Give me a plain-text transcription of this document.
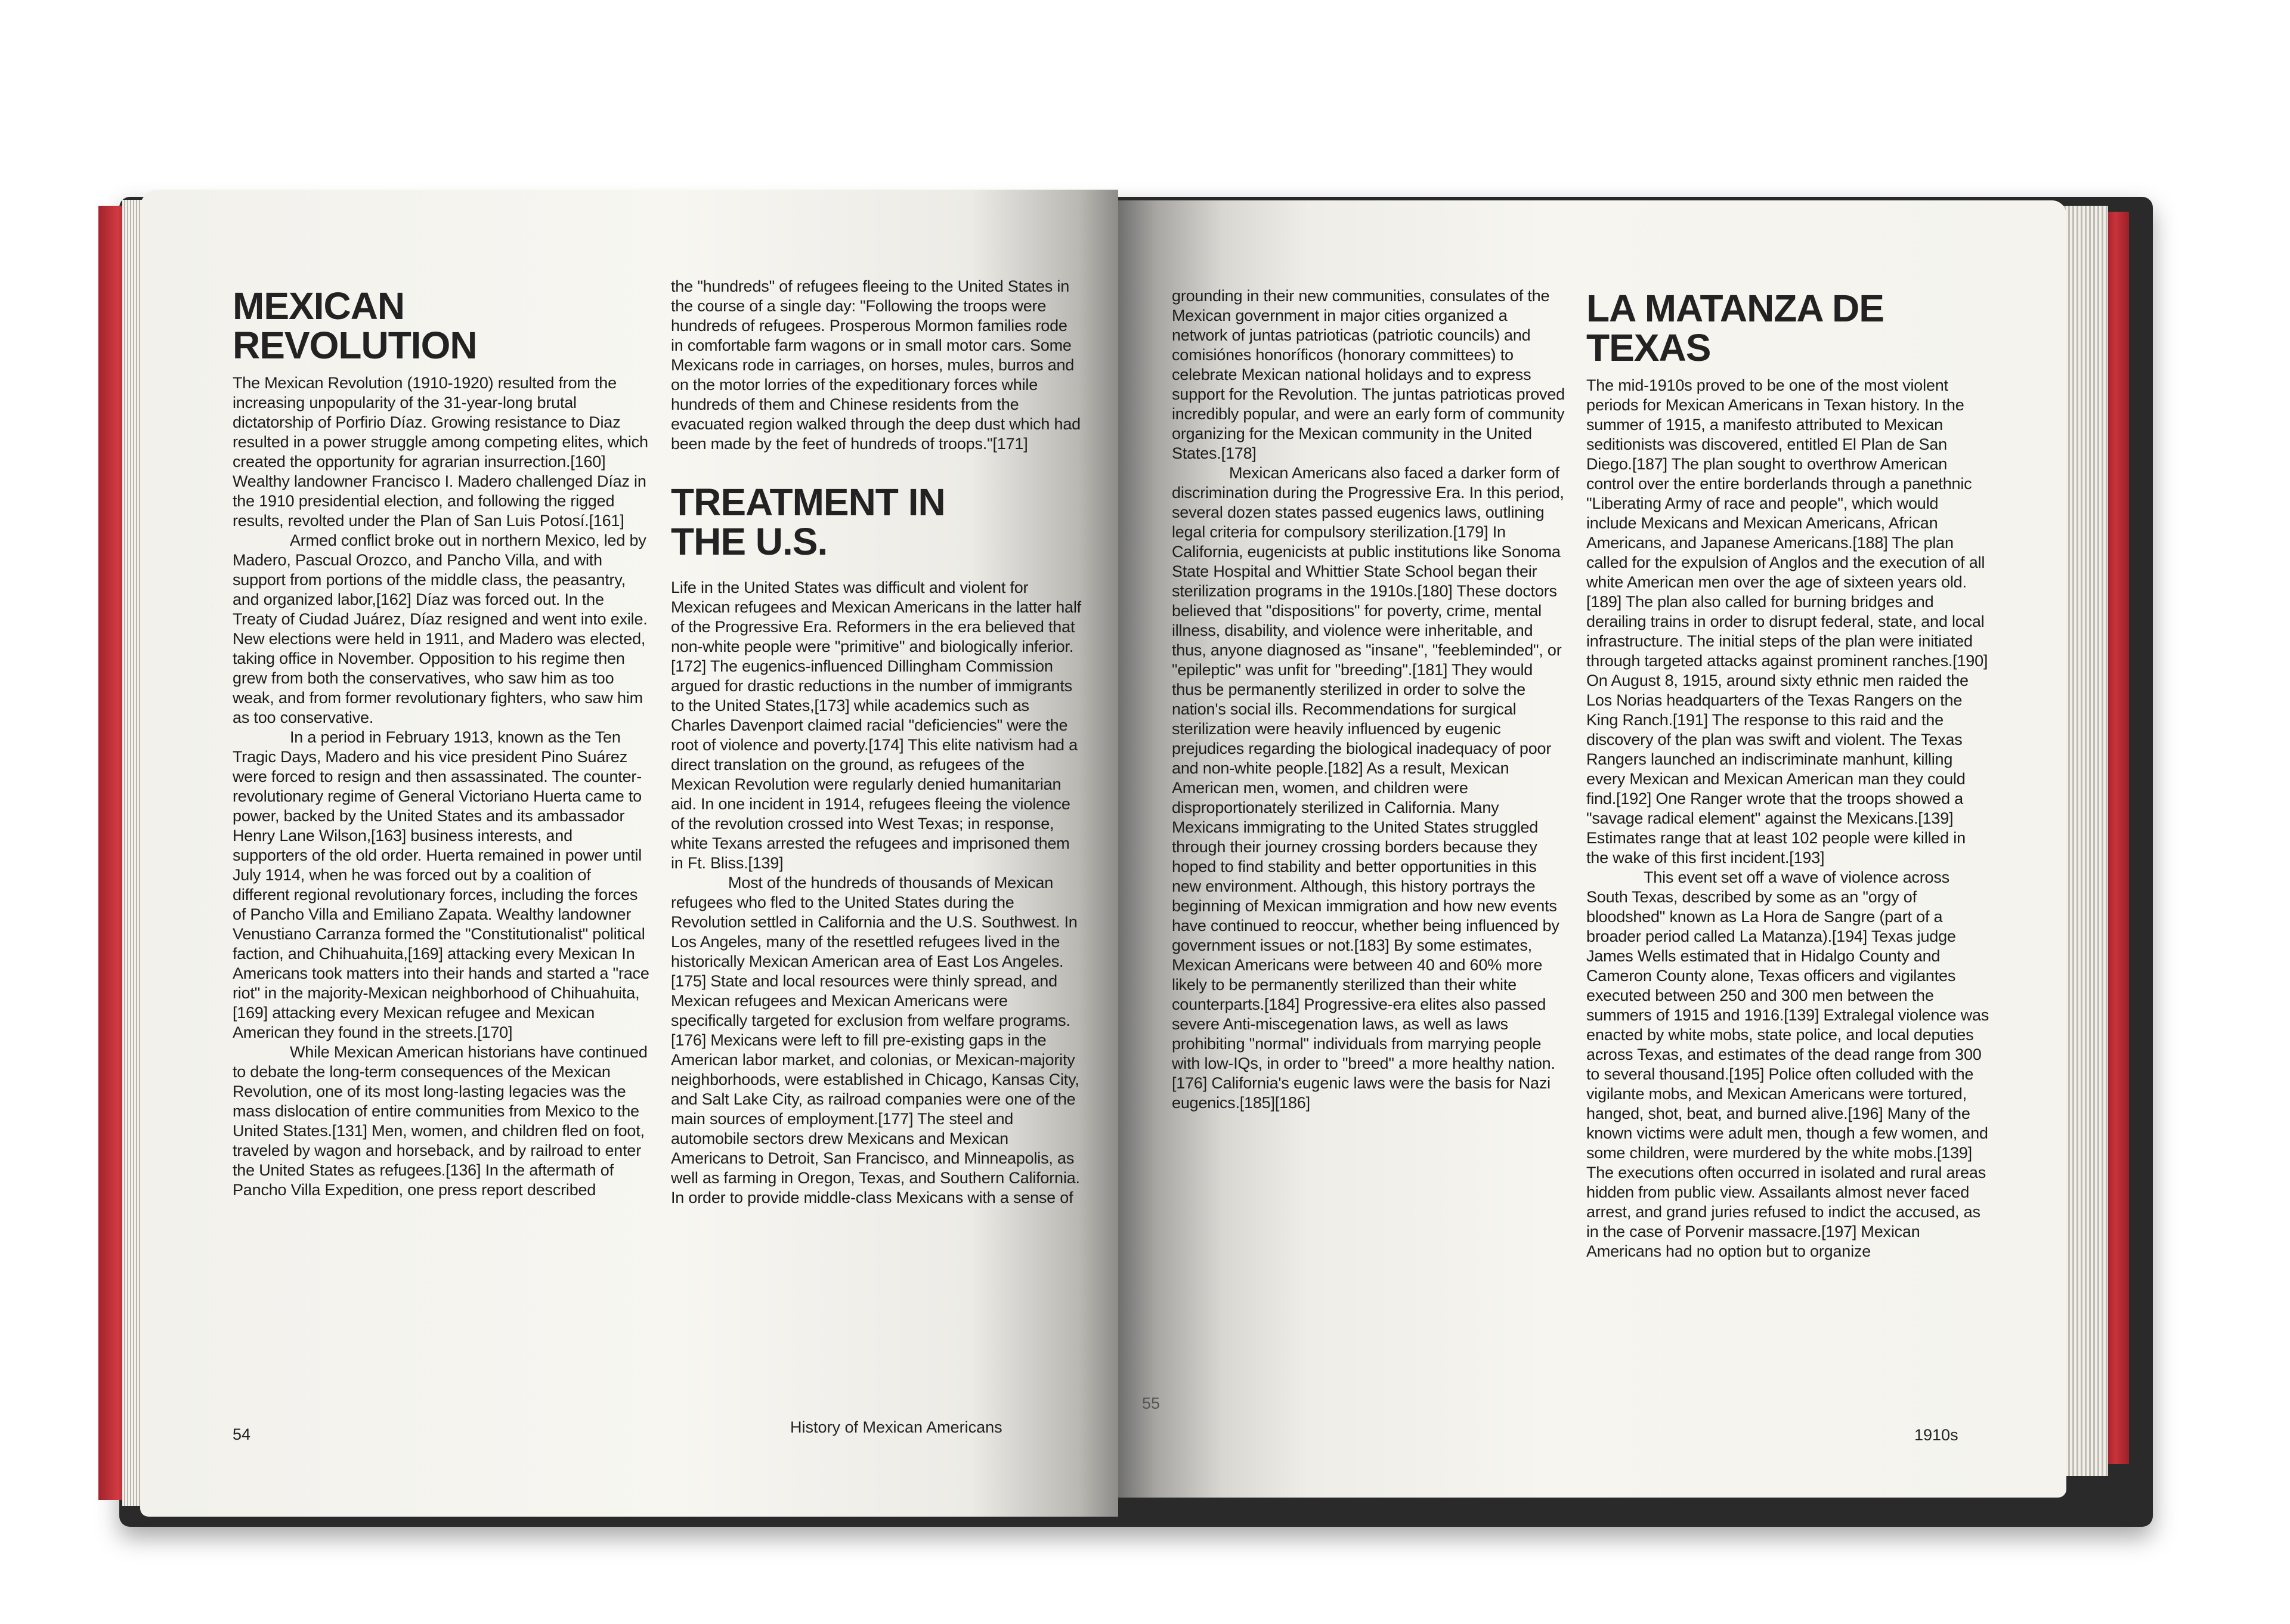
MEXICAN REVOLUTION

The Mexican Revolution (1910-1920) resulted from the increasing unpopularity of the 31-year-long brutal dictatorship of Porfirio Díaz. Growing resistance to Diaz resulted in a power struggle among competing elites, which created the opportunity for agrarian insurrection.[160] Wealthy landowner Francisco I. Madero challenged Díaz in the 1910 presidential election, and following the rigged results, revolted under the Plan of San Luis Potosí.[161]

Armed conflict broke out in northern Mexico, led by Madero, Pascual Orozco, and Pancho Villa, and with support from portions of the middle class, the peasantry, and organized labor,[162] Díaz was forced out. In the Treaty of Ciudad Juárez, Díaz resigned and went into exile. New elections were held in 1911, and Madero was elected, taking office in November. Opposition to his regime then grew from both the conservatives, who saw him as too weak, and from former revolutionary fighters, who saw him as too conservative.

In a period in February 1913, known as the Ten Tragic Days, Madero and his vice president Pino Suárez were forced to resign and then assassinated. The counter-revolutionary regime of General Victoriano Huerta came to power, backed by the United States and its ambassador Henry Lane Wilson,[163] business interests, and supporters of the old order. Huerta remained in power until July 1914, when he was forced out by a coalition of different regional revolutionary forces, including the forces of Pancho Villa and Emiliano Zapata. Wealthy landowner Venustiano Carranza formed the "Constitutionalist" political faction, and Chihuahuita,[169] attacking every Mexican In Americans took matters into their hands and started a "race riot" in the majority-Mexican neighborhood of Chihuahuita,[169] attacking every Mexican refugee and Mexican American they found in the streets.[170]

While Mexican American historians have continued to debate the long-term consequences of the Mexican Revolution, one of its most long-lasting legacies was the mass dislocation of entire communities from Mexico to the United States.[131] Men, women, and children fled on foot, traveled by wagon and horseback, and by railroad to enter the United States as refugees.[136] In the aftermath of Pancho Villa Expedition, one press report described

the "hundreds" of refugees fleeing to the United States in the course of a single day: "Following the troops were hundreds of refugees. Prosperous Mormon families rode in comfortable farm wagons or in small motor cars. Some Mexicans rode in carriages, on horses, mules, burros and on the motor lorries of the expeditionary forces while hundreds of them and Chinese residents from the evacuated region walked through the deep dust which had been made by the feet of hundreds of troops."[171]

TREATMENT IN THE U.S.

Life in the United States was difficult and violent for Mexican refugees and Mexican Americans in the latter half of the Progressive Era. Reformers in the era believed that non-white people were "primitive" and biologically inferior.[172] The eugenics-influenced Dillingham Commission argued for drastic reductions in the number of immigrants to the United States,[173] while academics such as Charles Davenport claimed racial "deficiencies" were the root of violence and poverty.[174] This elite nativism had a direct translation on the ground, as refugees of the Mexican Revolution were regularly denied humanitarian aid. In one incident in 1914, refugees fleeing the violence of the revolution crossed into West Texas; in response, white Texans arrested the refugees and imprisoned them in Ft. Bliss.[139]

Most of the hundreds of thousands of Mexican refugees who fled to the United States during the Revolution settled in California and the U.S. Southwest. In Los Angeles, many of the resettled refugees lived in the historically Mexican American area of East Los Angeles.[175] State and local resources were thinly spread, and Mexican refugees and Mexican Americans were specifically targeted for exclusion from welfare programs.[176] Mexicans were left to fill pre-existing gaps in the American labor market, and colonias, or Mexican-majority neighborhoods, were established in Chicago, Kansas City, and Salt Lake City, as railroad companies were one of the main sources of employment.[177] The steel and automobile sectors drew Mexicans and Mexican Americans to Detroit, San Francisco, and Minneapolis, as well as farming in Oregon, Texas, and Southern California. In order to provide middle-class Mexicans with a sense of

54	History of Mexican Americans

grounding in their new communities, consulates of the Mexican government in major cities organized a network of juntas patrioticas (patriotic councils) and comisiónes honoríficos (honorary committees) to celebrate Mexican national holidays and to express support for the Revolution. The juntas patrioticas proved incredibly popular, and were an early form of community organizing for the Mexican community in the United States.[178]

Mexican Americans also faced a darker form of discrimination during the Progressive Era. In this period, several dozen states passed eugenics laws, outlining legal criteria for compulsory sterilization.[179] In California, eugenicists at public institutions like Sonoma State Hospital and Whittier State School began their sterilization programs in the 1910s.[180] These doctors believed that "dispositions" for poverty, crime, mental illness, disability, and violence were inheritable, and thus, anyone diagnosed as "insane", "feebleminded", or "epileptic" was unfit for "breeding".[181] They would thus be permanently sterilized in order to solve the nation's social ills. Recommendations for surgical sterilization were heavily influenced by eugenic prejudices regarding the biological inadequacy of poor and non-white people.[182] As a result, Mexican American men, women, and children were disproportionately sterilized in California. Many Mexicans immigrating to the United States struggled through their journey crossing borders because they hoped to find stability and better opportunities in this new environment. Although, this history portrays the beginning of Mexican immigration and how new events have continued to reoccur, whether being influenced by government issues or not.[183] By some estimates, Mexican Americans were between 40 and 60% more likely to be permanently sterilized than their white counterparts.[184] Progressive-era elites also passed severe Anti-miscegenation laws, as well as laws prohibiting "normal" individuals from marrying people with low-IQs, in order to "breed" a more healthy nation.[176] California's eugenic laws were the basis for Nazi eugenics.[185][186]

LA MATANZA DE TEXAS

The mid-1910s proved to be one of the most violent periods for Mexican Americans in Texan history. In the summer of 1915, a manifesto attributed to Mexican seditionists was discovered, entitled El Plan de San Diego.[187] The plan sought to overthrow American control over the entire borderlands through a panethnic "Liberating Army of race and people", which would include Mexicans and Mexican Americans, African Americans, and Japanese Americans.[188] The plan called for the expulsion of Anglos and the execution of all white American men over the age of sixteen years old.[189] The plan also called for burning bridges and derailing trains in order to disrupt federal, state, and local infrastructure. The initial steps of the plan were initiated through targeted attacks against prominent ranches.[190] On August 8, 1915, around sixty ethnic men raided the Los Norias headquarters of the Texas Rangers on the King Ranch.[191] The response to this raid and the discovery of the plan was swift and violent. The Texas Rangers launched an indiscriminate manhunt, killing every Mexican and Mexican American man they could find.[192] One Ranger wrote that the troops showed a "savage radical element" against the Mexicans.[139] Estimates range that at least 102 people were killed in the wake of this first incident.[193]

This event set off a wave of violence across South Texas, described by some as an "orgy of bloodshed" known as La Hora de Sangre (part of a broader period called La Matanza).[194] Texas judge James Wells estimated that in Hidalgo County and Cameron County alone, Texas officers and vigilantes executed between 250 and 300 men between the summers of 1915 and 1916.[139] Extralegal violence was enacted by white mobs, state police, and local deputies across Texas, and estimates of the dead range from 300 to several thousand.[195] Police often colluded with the vigilante mobs, and Mexican Americans were tortured, hanged, shot, beat, and burned alive.[196] Many of the known victims were adult men, though a few women, and some children, were murdered by the white mobs.[139] The executions often occurred in isolated and rural areas hidden from public view. Assailants almost never faced arrest, and grand juries refused to indict the accused, as in the case of Porvenir massacre.[197] Mexican Americans had no option but to organize

55
1910s
